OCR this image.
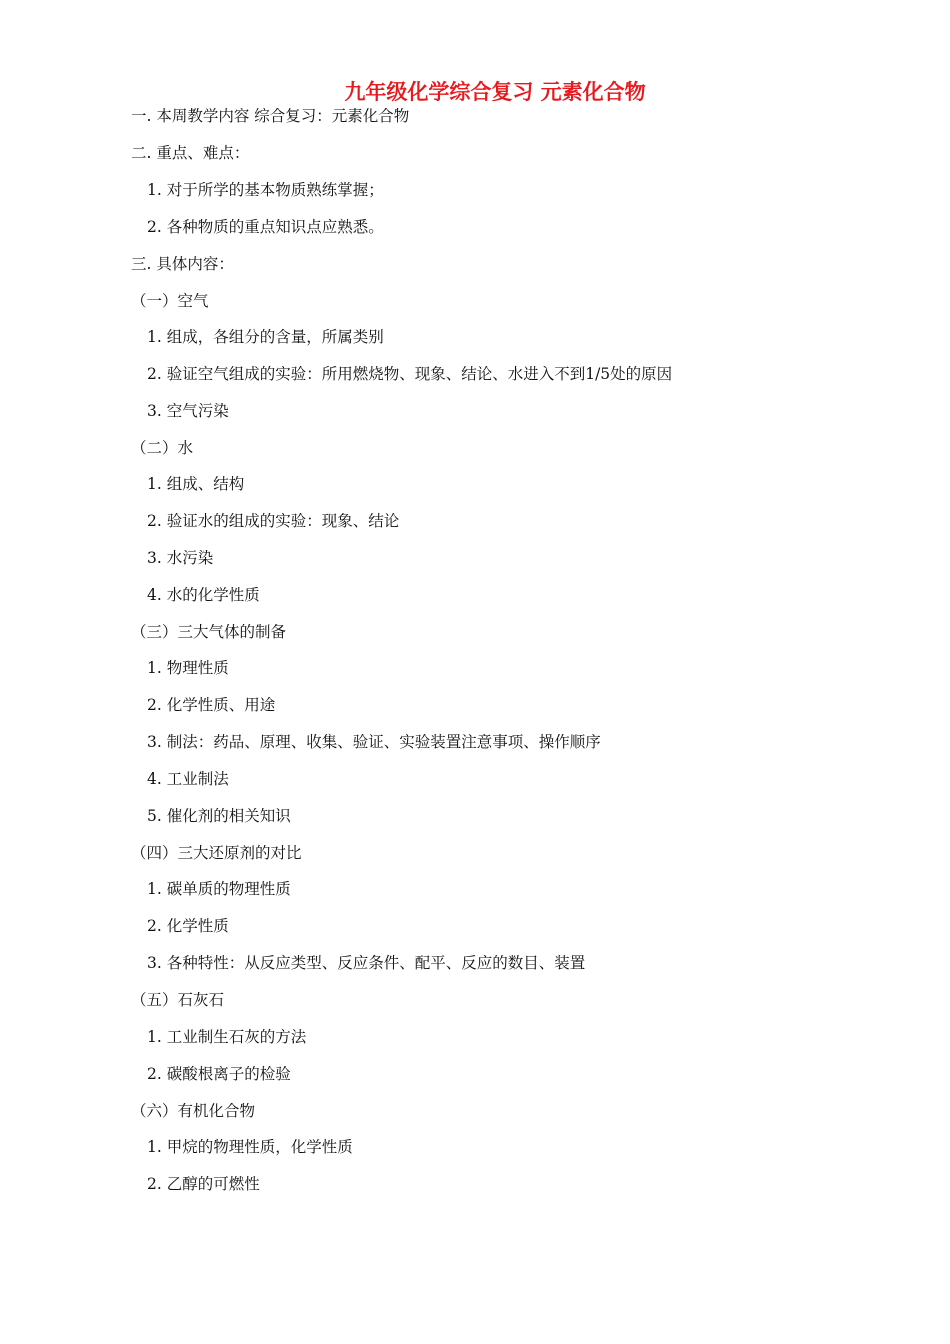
九年级化学综合复习 元素化合物

一. 本周教学内容 综合复习：元素化合物

二. 重点、难点：

1. 对于所学的基本物质熟练掌握；

2. 各种物质的重点知识点应熟悉。

三. 具体内容：

（一）空气

1. 组成，各组分的含量，所属类别

2. 验证空气组成的实验：所用燃烧物、现象、结论、水进入不到1/5处的原因

3. 空气污染

（二）水

1. 组成、结构

2. 验证水的组成的实验：现象、结论

3. 水污染

4. 水的化学性质

（三）三大气体的制备

1. 物理性质

2. 化学性质、用途

3. 制法：药品、原理、收集、验证、实验装置注意事项、操作顺序

4. 工业制法

5. 催化剂的相关知识

（四）三大还原剂的对比

1. 碳单质的物理性质

2. 化学性质

3. 各种特性：从反应类型、反应条件、配平、反应的数目、装置

（五）石灰石

1. 工业制生石灰的方法

2. 碳酸根离子的检验

（六）有机化合物

1. 甲烷的物理性质，化学性质

2. 乙醇的可燃性
